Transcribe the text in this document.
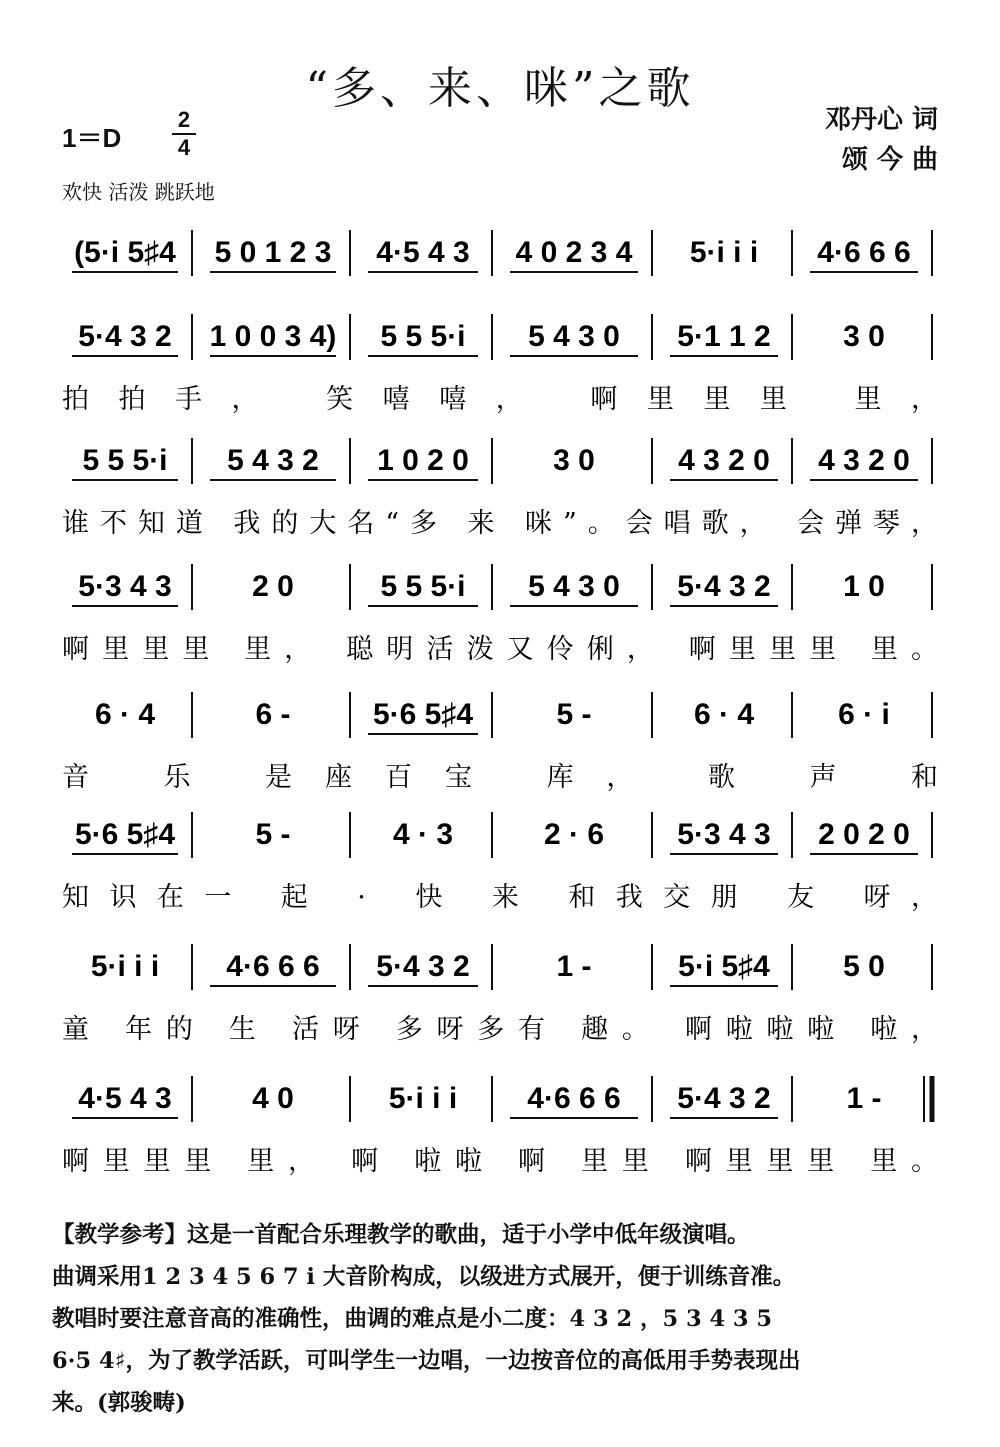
“多、来、咪”之歌
1＝D
2
4
邓丹心 词
颂 今 曲
欢快 活泼 跳跃地
(5·i 5♯4 5 0 1 2 3 4·5 4 3 4 0 2 3 4 5·i i i 4·6 6 6
5·4 3 2 1 0 0 3 4) 5 5 5·i 5 4 3 0 5·1 1 2 3 0
拍拍手， 笑嘻嘻， 啊里里里 里，
5 5 5·i 5 4 3 2 1 0 2 0	3 0	4 3 2 0 4 3 2 0
谁不知道 我的大名“多 来 咪”。会唱歌， 会弹琴，
5·3 4 3	2 0	5 5 5·i 5 4 3 0 5·4 3 2 1 0
啊里里里 里， 聪明活泼又伶俐， 啊里里里 里。
6 · 4	6 -	5·6 5♯4	5 -	6 · 4	6 · i
音 乐 是座百宝 库， 歌 声 和
5·6 5♯4	5 -	4 · 3	2 · 6 5·3 4 3 2 0 2 0
知识在一 起 · 快 来 和我交朋 友 呀，
5·i i i 4·6 6 6 5·4 3 2	1 -	5·i 5♯4 5 0
童 年的 生 活呀 多呀多有 趣。 啊啦啦啦 啦，
4·5 4 3	4 0	5·i i i 4·6 6 6 5·4 3 2	1 -
啊里里里 里， 啊 啦啦 啊 里里 啊里里里 里。
【教学参考】这是一首配合乐理教学的歌曲，适于小学中低年级演唱。
曲调采用1 2 3 4 5 6 7 i 大音阶构成，以级进方式展开，便于训练音准。
教唱时要注意音高的准确性，曲调的难点是小二度：4 3 2 ，5 3 4 3 5
6·5 4♯，为了教学活跃，可叫学生一边唱，一边按音位的高低用手势表现出
来。(郭骏畴)
